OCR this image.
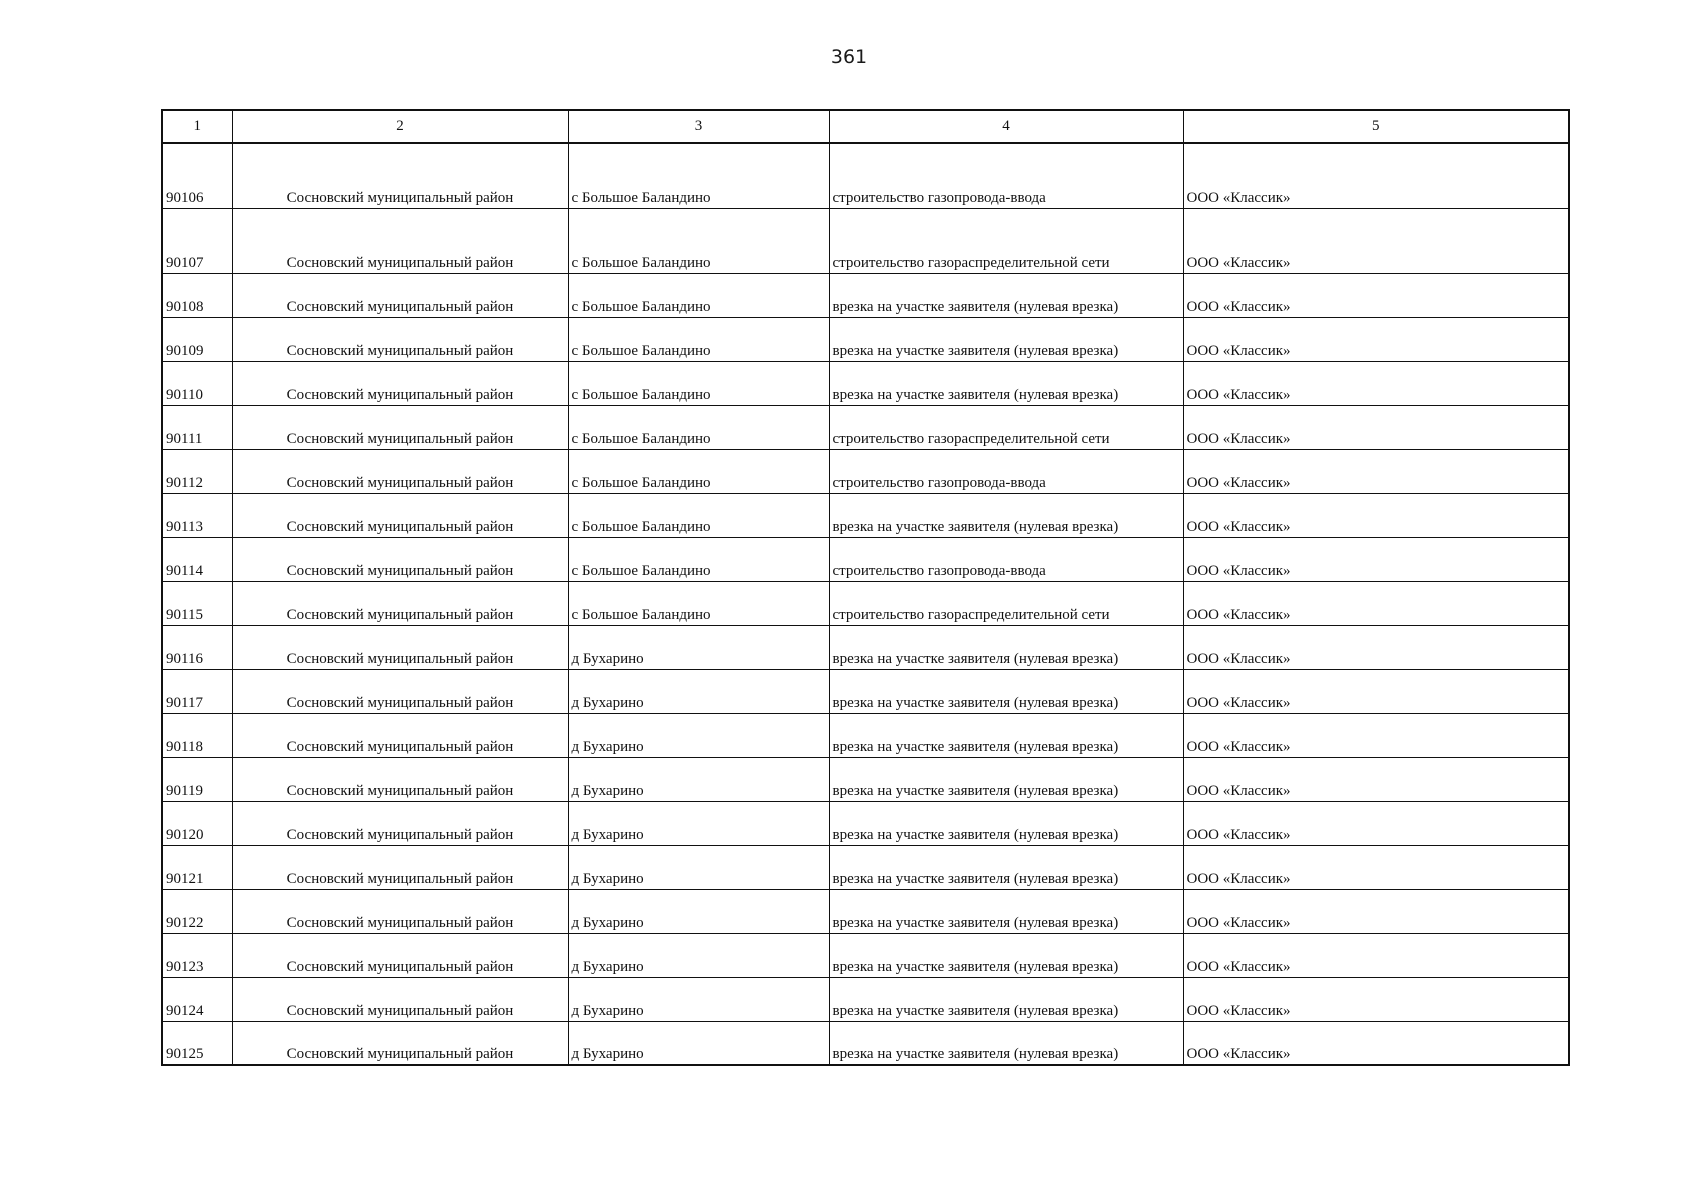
361
1	2	3	4	5
90106	Сосновский муниципальный район	с Большое Баландино	строительство газопровода-ввода	ООО «Классик»
90107	Сосновский муниципальный район	с Большое Баландино	строительство газораспределительной сети	ООО «Классик»
90108	Сосновский муниципальный район	с Большое Баландино	врезка на участке заявителя (нулевая врезка)	ООО «Классик»
90109	Сосновский муниципальный район	с Большое Баландино	врезка на участке заявителя (нулевая врезка)	ООО «Классик»
90110	Сосновский муниципальный район	с Большое Баландино	врезка на участке заявителя (нулевая врезка)	ООО «Классик»
90111	Сосновский муниципальный район	с Большое Баландино	строительство газораспределительной сети	ООО «Классик»
90112	Сосновский муниципальный район	с Большое Баландино	строительство газопровода-ввода	ООО «Классик»
90113	Сосновский муниципальный район	с Большое Баландино	врезка на участке заявителя (нулевая врезка)	ООО «Классик»
90114	Сосновский муниципальный район	с Большое Баландино	строительство газопровода-ввода	ООО «Классик»
90115	Сосновский муниципальный район	с Большое Баландино	строительство газораспределительной сети	ООО «Классик»
90116	Сосновский муниципальный район	д Бухарино	врезка на участке заявителя (нулевая врезка)	ООО «Классик»
90117	Сосновский муниципальный район	д Бухарино	врезка на участке заявителя (нулевая врезка)	ООО «Классик»
90118	Сосновский муниципальный район	д Бухарино	врезка на участке заявителя (нулевая врезка)	ООО «Классик»
90119	Сосновский муниципальный район	д Бухарино	врезка на участке заявителя (нулевая врезка)	ООО «Классик»
90120	Сосновский муниципальный район	д Бухарино	врезка на участке заявителя (нулевая врезка)	ООО «Классик»
90121	Сосновский муниципальный район	д Бухарино	врезка на участке заявителя (нулевая врезка)	ООО «Классик»
90122	Сосновский муниципальный район	д Бухарино	врезка на участке заявителя (нулевая врезка)	ООО «Классик»
90123	Сосновский муниципальный район	д Бухарино	врезка на участке заявителя (нулевая врезка)	ООО «Классик»
90124	Сосновский муниципальный район	д Бухарино	врезка на участке заявителя (нулевая врезка)	ООО «Классик»
90125	Сосновский муниципальный район	д Бухарино	врезка на участке заявителя (нулевая врезка)	ООО «Классик»
